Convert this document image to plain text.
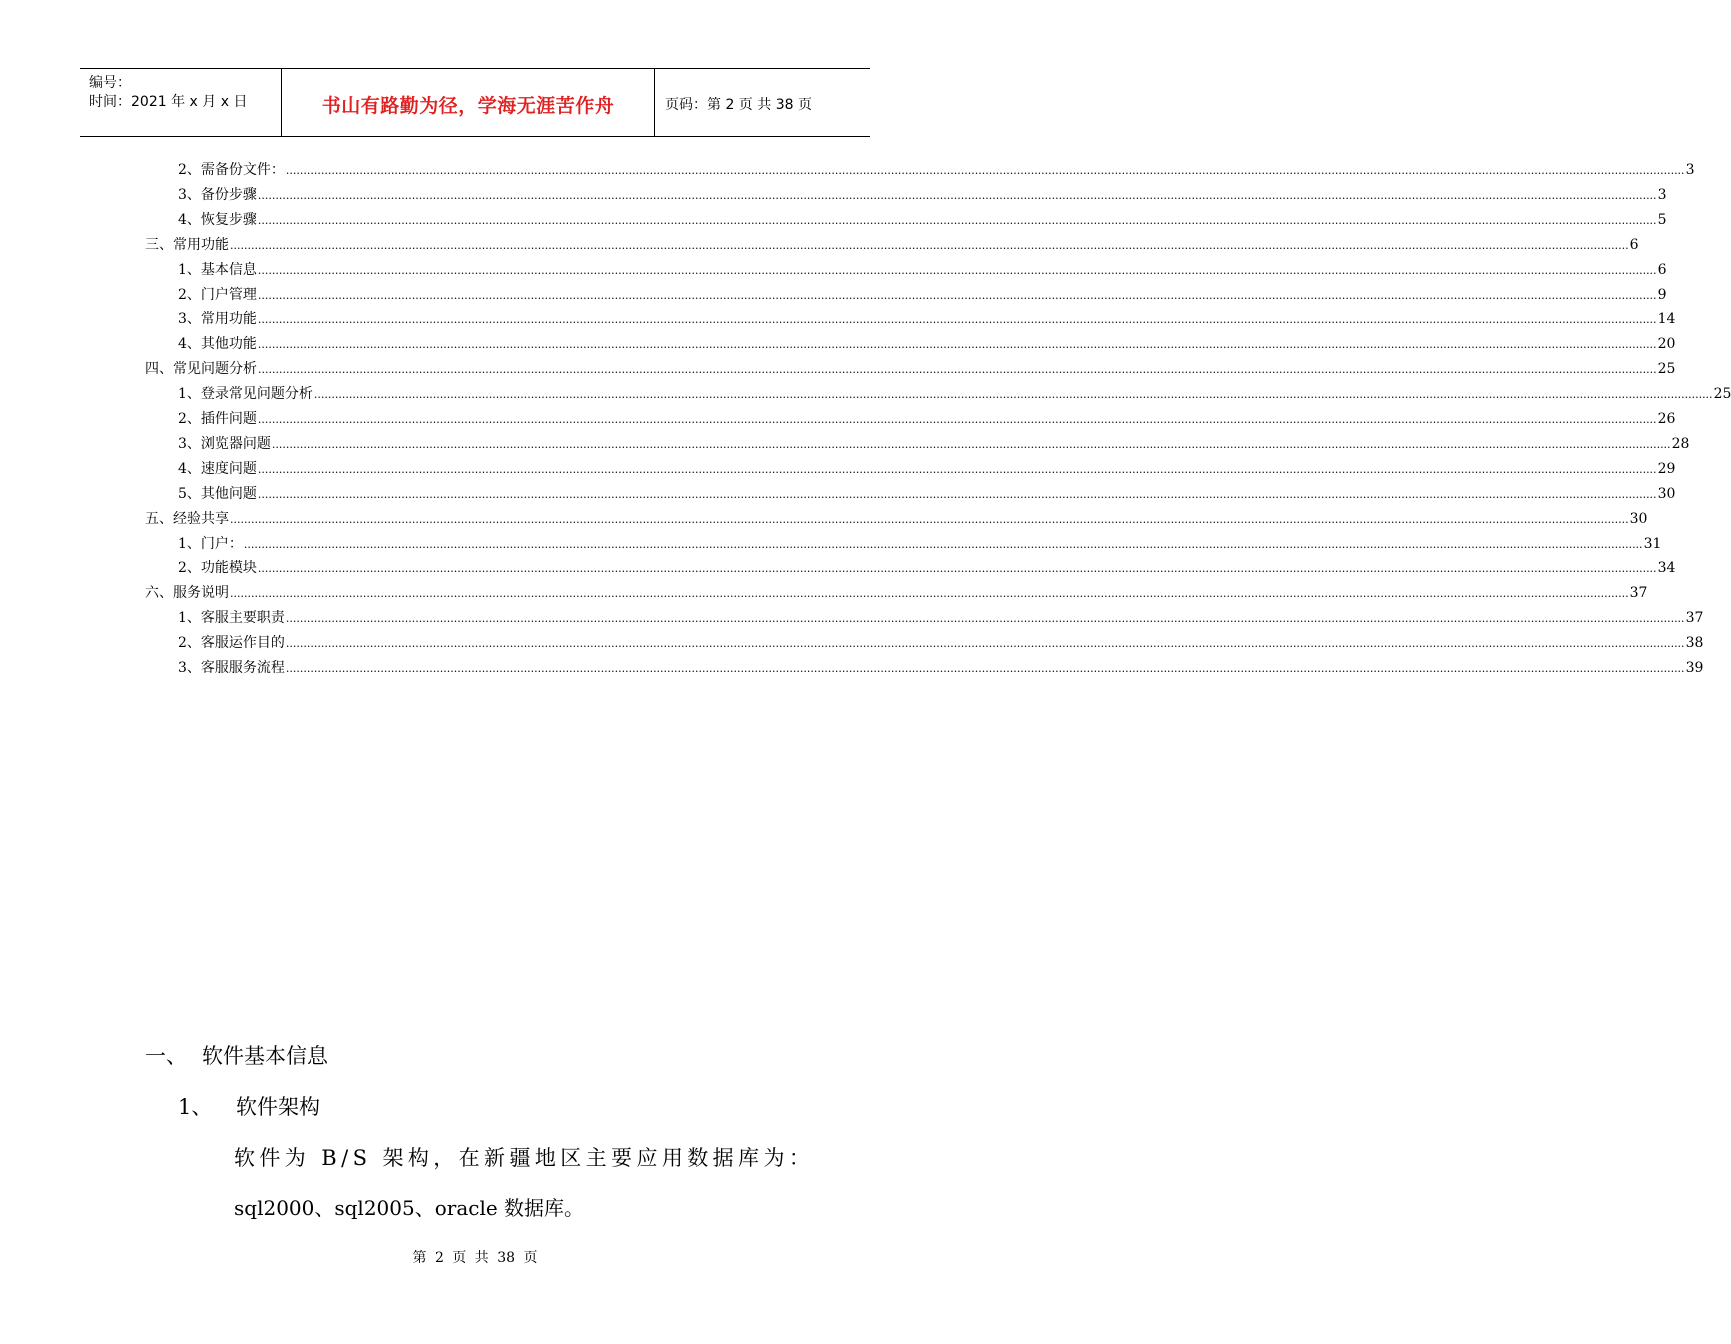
编号：
时间：2021 年 x 月 x 日	书山有路勤为径，学海无涯苦作舟	页码：第 2 页 共 38 页
2、 需备份文件： ................................................................................................................................................................................................................................................................................................................................................................................................................ 3
3、 备份步骤 ................................................................................................................................................................................................................................................................................................................................................................................................................ 3
4、 恢复步骤 ................................................................................................................................................................................................................................................................................................................................................................................................................ 5
三、 常用功能 ................................................................................................................................................................................................................................................................................................................................................................................................................ 6
1、 基本信息 ................................................................................................................................................................................................................................................................................................................................................................................................................ 6
2、 门户管理 ................................................................................................................................................................................................................................................................................................................................................................................................................ 9
3、 常用功能 ................................................................................................................................................................................................................................................................................................................................................................................................................ 14
4、 其他功能 ................................................................................................................................................................................................................................................................................................................................................................................................................ 20
四、 常见问题分析 ................................................................................................................................................................................................................................................................................................................................................................................................................ 25
1、 登录常见问题分析 ................................................................................................................................................................................................................................................................................................................................................................................................................ 25
2、 插件问题 ................................................................................................................................................................................................................................................................................................................................................................................................................ 26
3、 浏览器问题 ................................................................................................................................................................................................................................................................................................................................................................................................................ 28
4、 速度问题 ................................................................................................................................................................................................................................................................................................................................................................................................................ 29
5、 其他问题 ................................................................................................................................................................................................................................................................................................................................................................................................................ 30
五、 经验共享 ................................................................................................................................................................................................................................................................................................................................................................................................................ 30
1、 门户： ................................................................................................................................................................................................................................................................................................................................................................................................................ 31
2、 功能模块 ................................................................................................................................................................................................................................................................................................................................................................................................................ 34
六、 服务说明 ................................................................................................................................................................................................................................................................................................................................................................................................................ 37
1、 客服主要职责 ................................................................................................................................................................................................................................................................................................................................................................................................................ 37
2、 客服运作目的 ................................................................................................................................................................................................................................................................................................................................................................................................................ 38
3、 客服服务流程 ................................................................................................................................................................................................................................................................................................................................................................................................................ 39
一、 软件基本信息
1、 软件架构
软件为 B/S 架构，在新疆地区主要应用数据库为：
sql2000、sql2005、oracle 数据库。
第 2 页 共 38 页
